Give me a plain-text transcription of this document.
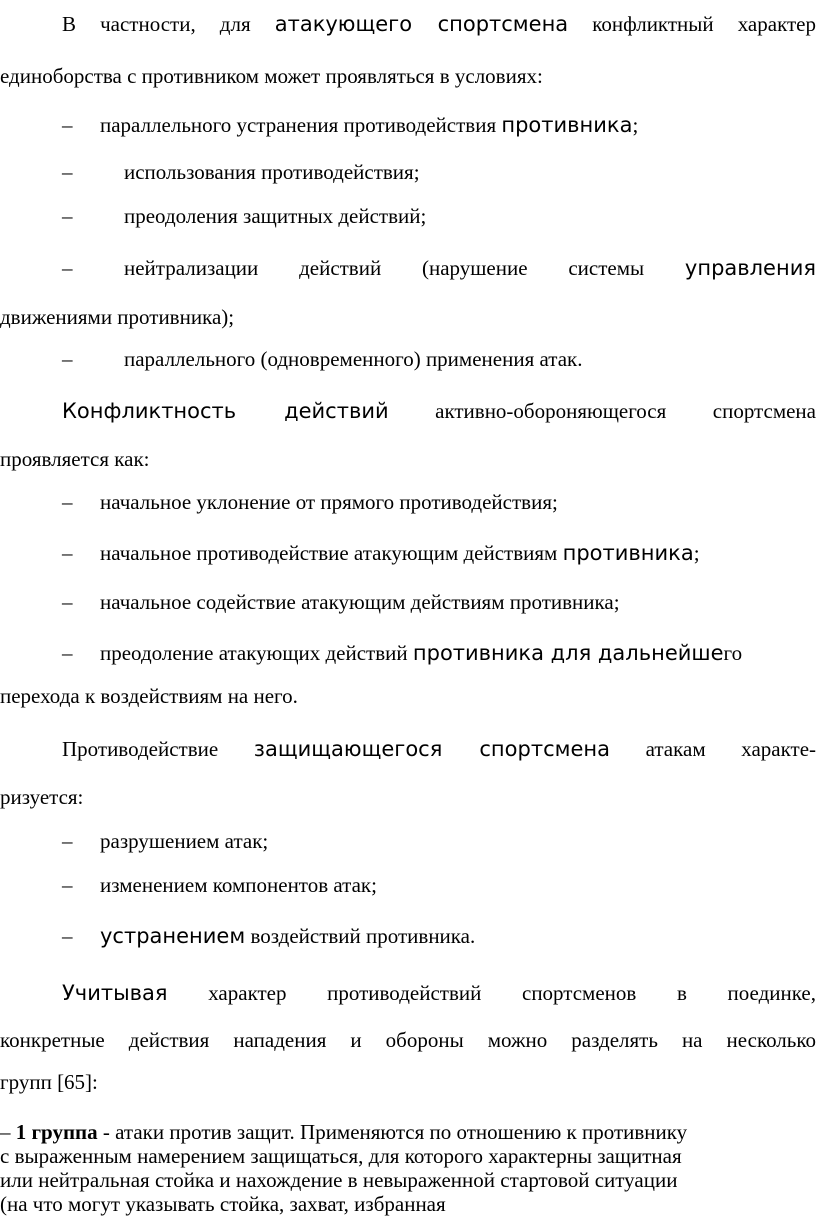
В частности, для атакующего спортсмена конфликтный характер
единоборства с противником может проявляться в условиях:
– параллельного устранения противодействия противника;
– использования противодействия;
– преодоления защитных действий;
– нейтрализации действий (нарушение системы управления
движениями противника);
– параллельного (одновременного) применения атак.
Конфликтность действий активно-обороняющегося спортсмена
проявляется как:
– начальное уклонение от прямого противодействия;
– начальное противодействие атакующим действиям противника;
– начальное содействие атакующим действиям противника;
– преодоление атакующих действий противника для дальнейшего
перехода к воздействиям на него.
Противодействие защищающегося спортсмена атакам характе-
ризуется:
– разрушением атак;
– изменением компонентов атак;
– устранением воздействий противника.
Учитывая характер противодействий спортсменов в поединке,
конкретные действия нападения и обороны можно разделять на несколько
групп [65]:
– 1 группа - атаки против защит. Применяются по отношению к противнику
с выраженным намерением защищаться, для которого характерны защитная
или нейтральная стойка и нахождение в невыраженной стартовой ситуации
(на что могут указывать стойка, захват, избранная
